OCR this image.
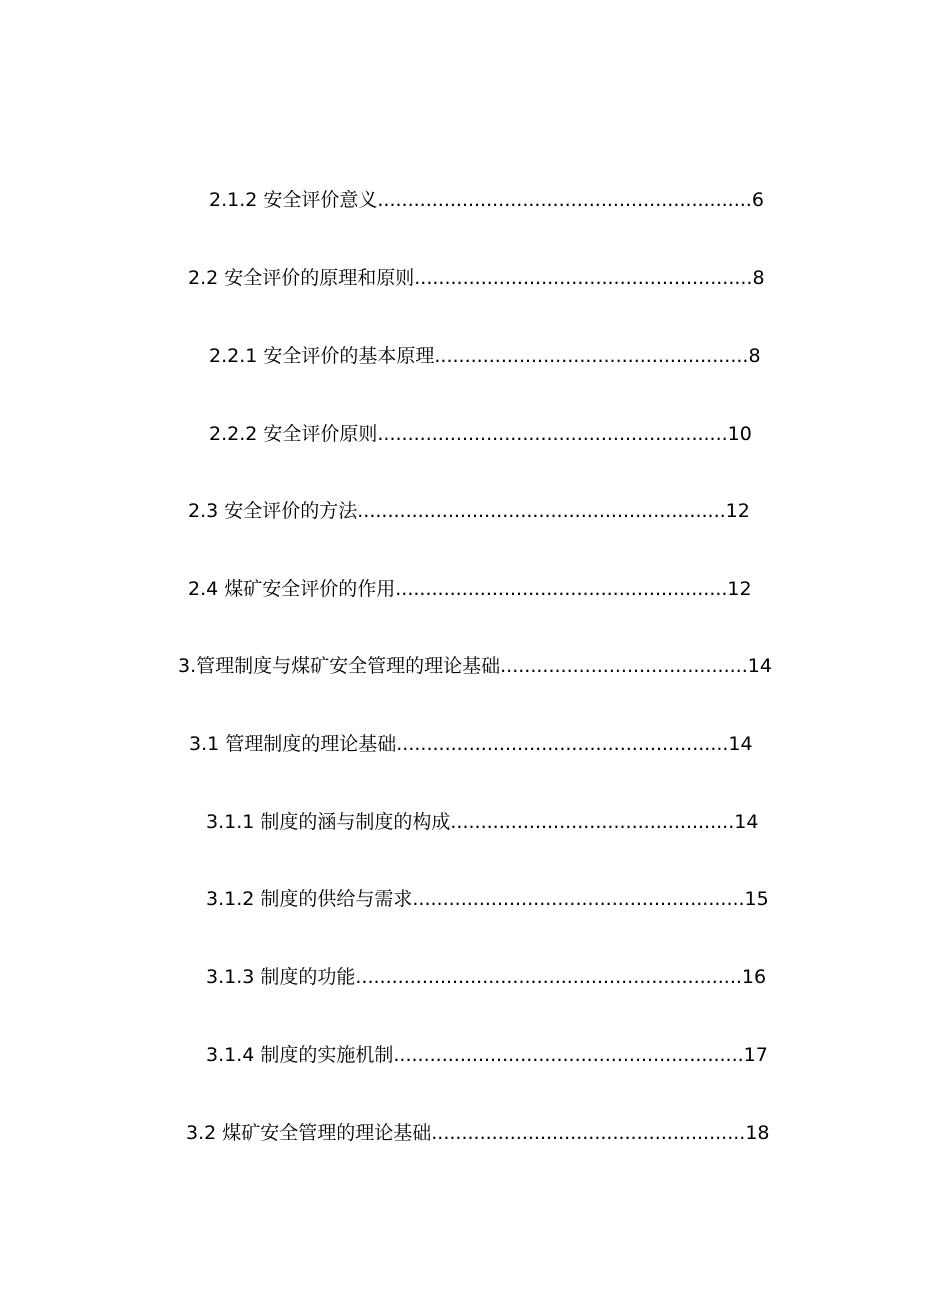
2.1.2 安全评价意义..............................................................6
2.2 安全评价的原理和原则........................................................8
2.2.1 安全评价的基本原理....................................................8
2.2.2 安全评价原则..........................................................10
2.3 安全评价的方法.............................................................12
2.4 煤矿安全评价的作用.......................................................12
3.管理制度与煤矿安全管理的理论基础.........................................14
3.1 管理制度的理论基础.......................................................14
3.1.1 制度的涵与制度的构成...............................................14
3.1.2 制度的供给与需求.......................................................15
3.1.3 制度的功能................................................................16
3.1.4 制度的实施机制..........................................................17
3.2 煤矿安全管理的理论基础....................................................18
